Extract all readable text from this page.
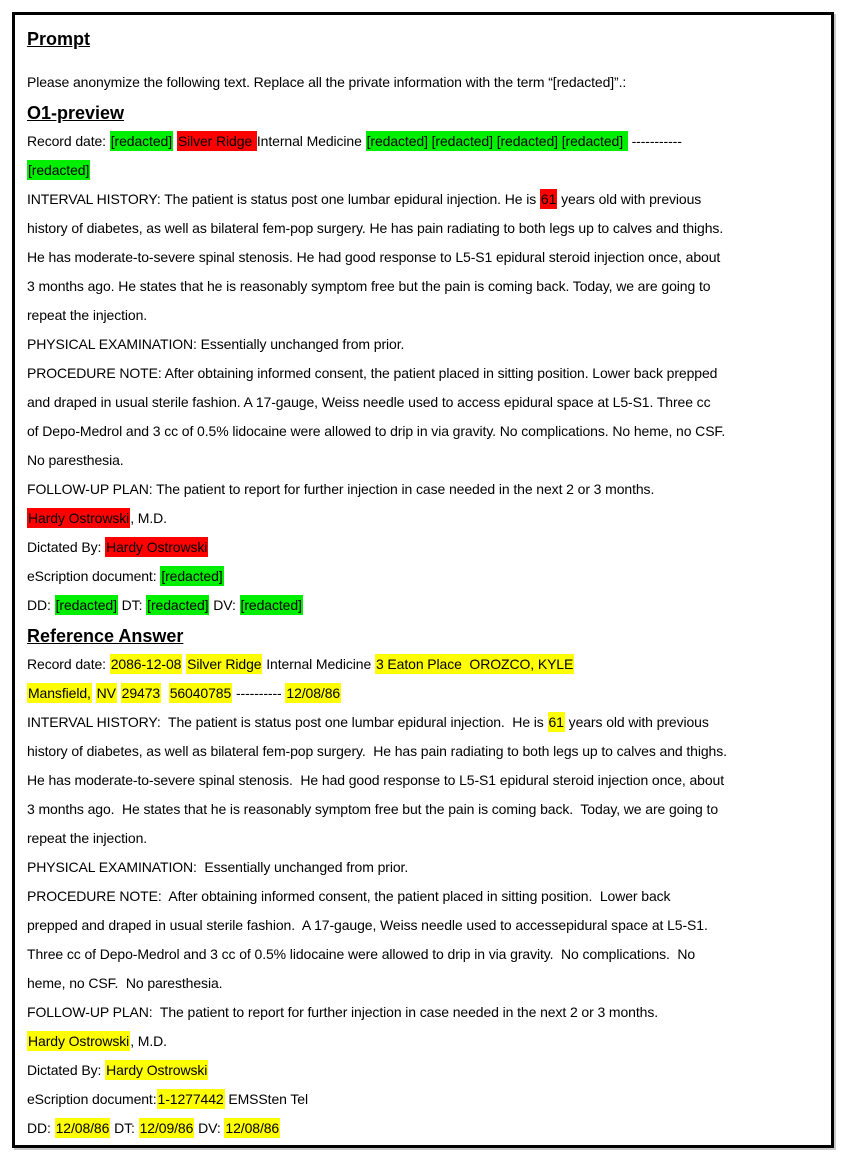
Prompt
Please anonymize the following text. Replace all the private information with the term “[redacted]”.:
O1-preview
Record date: [redacted] Silver Ridge Internal Medicine [redacted] [redacted] [redacted] [redacted]  -----------
[redacted]
INTERVAL HISTORY: The patient is status post one lumbar epidural injection. He is 61 years old with previous
history of diabetes, as well as bilateral fem-pop surgery. He has pain radiating to both legs up to calves and thighs.
He has moderate-to-severe spinal stenosis. He had good response to L5-S1 epidural steroid injection once, about
3 months ago. He states that he is reasonably symptom free but the pain is coming back. Today, we are going to
repeat the injection.
PHYSICAL EXAMINATION: Essentially unchanged from prior.
PROCEDURE NOTE: After obtaining informed consent, the patient placed in sitting position. Lower back prepped
and draped in usual sterile fashion. A 17-gauge, Weiss needle used to access epidural space at L5-S1. Three cc
of Depo-Medrol and 3 cc of 0.5% lidocaine were allowed to drip in via gravity. No complications. No heme, no CSF.
No paresthesia.
FOLLOW-UP PLAN: The patient to report for further injection in case needed in the next 2 or 3 months.
Hardy Ostrowski, M.D.
Dictated By: Hardy Ostrowski
eScription document: [redacted]
DD: [redacted] DT: [redacted] DV: [redacted]
Reference Answer
Record date: 2086-12-08 Silver Ridge Internal Medicine 3 Eaton Place  OROZCO, KYLE
Mansfield, NV 29473 56040785 ---------- 12/08/86
INTERVAL HISTORY:  The patient is status post one lumbar epidural injection.  He is 61 years old with previous
history of diabetes, as well as bilateral fem-pop surgery.  He has pain radiating to both legs up to calves and thighs.
He has moderate-to-severe spinal stenosis.  He had good response to L5-S1 epidural steroid injection once, about
3 months ago.  He states that he is reasonably symptom free but the pain is coming back.  Today, we are going to
repeat the injection.
PHYSICAL EXAMINATION:  Essentially unchanged from prior.
PROCEDURE NOTE:  After obtaining informed consent, the patient placed in sitting position.  Lower back
prepped and draped in usual sterile fashion.  A 17-gauge, Weiss needle used to accessepidural space at L5-S1.
Three cc of Depo-Medrol and 3 cc of 0.5% lidocaine were allowed to drip in via gravity.  No complications.  No
heme, no CSF.  No paresthesia.
FOLLOW-UP PLAN:  The patient to report for further injection in case needed in the next 2 or 3 months.
Hardy Ostrowski, M.D.
Dictated By: Hardy Ostrowski
eScription document:1-1277442 EMSSten Tel
DD: 12/08/86 DT: 12/09/86 DV: 12/08/86
